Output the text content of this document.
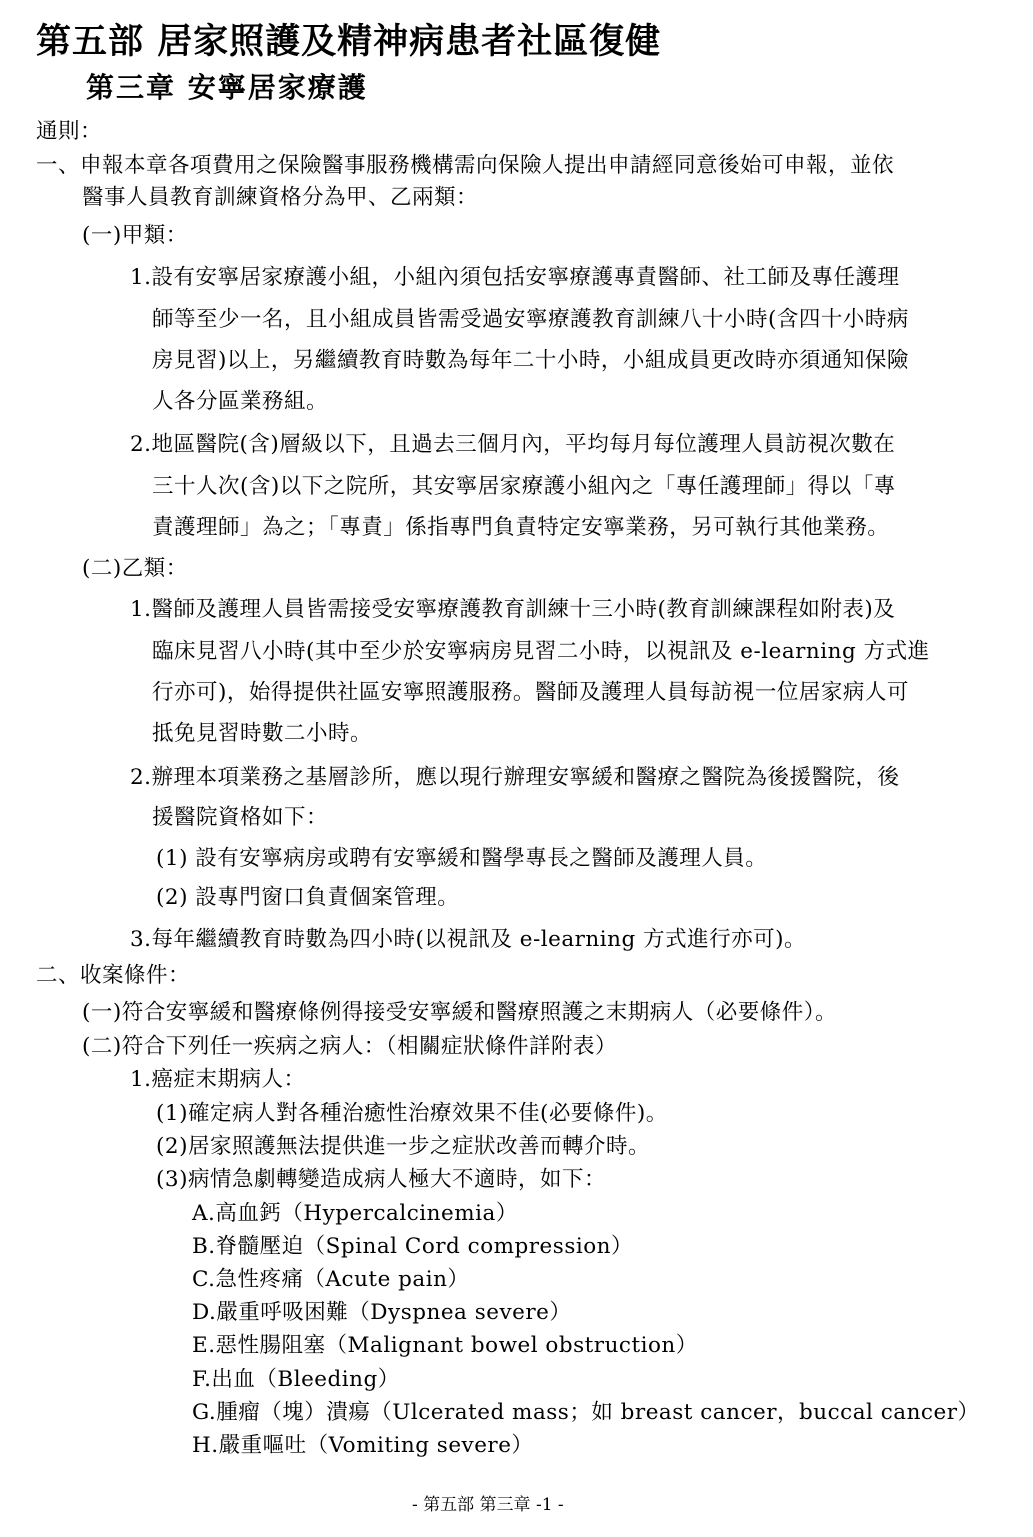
第五部 居家照護及精神病患者社區復健
第三章 安寧居家療護

通則：

一、申報本章各項費用之保險醫事服務機構需向保險人提出申請經同意後始可申報，並依

醫事人員教育訓練資格分為甲、乙兩類：

(一)甲類：

1.設有安寧居家療護小組，小組內須包括安寧療護專責醫師、社工師及專任護理

師等至少一名，且小組成員皆需受過安寧療護教育訓練八十小時(含四十小時病

房見習)以上，另繼續教育時數為每年二十小時，小組成員更改時亦須通知保險

人各分區業務組。

2.地區醫院(含)層級以下，且過去三個月內，平均每月每位護理人員訪視次數在

三十人次(含)以下之院所，其安寧居家療護小組內之「專任護理師」得以「專

責護理師」為之；「專責」係指專門負責特定安寧業務，另可執行其他業務。

(二)乙類：

1.醫師及護理人員皆需接受安寧療護教育訓練十三小時(教育訓練課程如附表)及

臨床見習八小時(其中至少於安寧病房見習二小時，以視訊及 e-learning 方式進

行亦可)，始得提供社區安寧照護服務。醫師及護理人員每訪視一位居家病人可

抵免見習時數二小時。

2.辦理本項業務之基層診所，應以現行辦理安寧緩和醫療之醫院為後援醫院，後

援醫院資格如下：

(1) 設有安寧病房或聘有安寧緩和醫學專長之醫師及護理人員。

(2) 設專門窗口負責個案管理。

3.每年繼續教育時數為四小時(以視訊及 e-learning 方式進行亦可)。

二、收案條件：

(一)符合安寧緩和醫療條例得接受安寧緩和醫療照護之末期病人（必要條件）。

(二)符合下列任一疾病之病人：（相關症狀條件詳附表）

1.癌症末期病人：

(1)確定病人對各種治癒性治療效果不佳(必要條件)。

(2)居家照護無法提供進一步之症狀改善而轉介時。

(3)病情急劇轉變造成病人極大不適時，如下：

A.高血鈣（Hypercalcinemia）

B.脊髓壓迫（Spinal Cord compression）

C.急性疼痛（Acute pain）

D.嚴重呼吸困難（Dyspnea severe）

E.惡性腸阻塞（Malignant bowel obstruction）

F.出血（Bleeding）

G.腫瘤（塊）潰瘍（Ulcerated mass；如 breast cancer，buccal cancer）

H.嚴重嘔吐（Vomiting severe）

- 第五部 第三章 -1 -
